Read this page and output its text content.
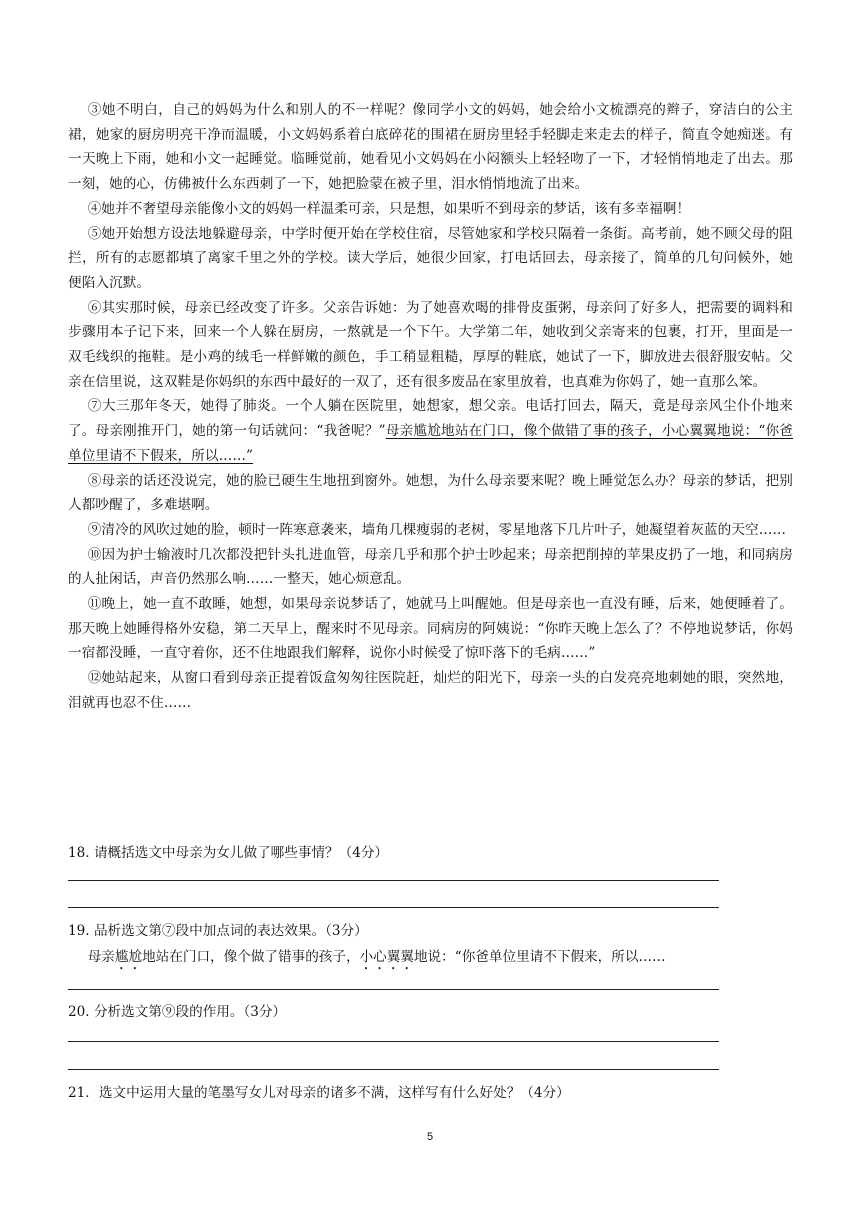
③她不明白，自己的妈妈为什么和别人的不一样呢？像同学小文的妈妈，她会给小文梳漂亮的辫子，穿洁白的公主裙，她家的厨房明亮干净而温暖，小文妈妈系着白底碎花的围裙在厨房里轻手轻脚走来走去的样子，简直令她痴迷。有一天晚上下雨，她和小文一起睡觉。临睡觉前，她看见小文妈妈在小闷额头上轻轻吻了一下，才轻悄悄地走了出去。那一刻，她的心，仿佛被什么东西刺了一下，她把脸蒙在被子里，泪水悄悄地流了出来。

④她并不奢望母亲能像小文的妈妈一样温柔可亲，只是想，如果听不到母亲的梦话，该有多幸福啊！

⑤她开始想方设法地躲避母亲，中学时便开始在学校住宿，尽管她家和学校只隔着一条街。高考前，她不顾父母的阻拦，所有的志愿都填了离家千里之外的学校。读大学后，她很少回家，打电话回去，母亲接了，简单的几句问候外，她便陷入沉默。

⑥其实那时候，母亲已经改变了许多。父亲告诉她：为了她喜欢喝的排骨皮蛋粥，母亲问了好多人，把需要的调料和步骤用本子记下来，回来一个人躲在厨房，一熬就是一个下午。大学第二年，她收到父亲寄来的包裹，打开，里面是一双毛线织的拖鞋。是小鸡的绒毛一样鲜嫩的颜色，手工稍显粗糙，厚厚的鞋底，她试了一下，脚放进去很舒服安帖。父亲在信里说，这双鞋是你妈织的东西中最好的一双了，还有很多废品在家里放着，也真难为你妈了，她一直那么笨。

⑦大三那年冬天，她得了肺炎。一个人躺在医院里，她想家，想父亲。电话打回去，隔天，竟是母亲风尘仆仆地来了。母亲刚推开门，她的第一句话就问：“我爸呢？”母亲尴尬地站在门口，像个做错了事的孩子，小心翼翼地说：“你爸单位里请不下假来，所以……”

⑧母亲的话还没说完，她的脸已硬生生地扭到窗外。她想，为什么母亲要来呢？晚上睡觉怎么办？母亲的梦话，把别人都吵醒了，多难堪啊。

⑨清冷的风吹过她的脸，顿时一阵寒意袭来，墙角几棵瘦弱的老树，零星地落下几片叶子，她凝望着灰蓝的天空……

⑩因为护士输液时几次都没把针头扎进血管，母亲几乎和那个护士吵起来；母亲把削掉的苹果皮扔了一地，和同病房的人扯闲话，声音仍然那么响……一整天，她心烦意乱。

⑪晚上，她一直不敢睡，她想，如果母亲说梦话了，她就马上叫醒她。但是母亲也一直没有睡，后来，她便睡着了。那天晚上她睡得格外安稳，第二天早上，醒来时不见母亲。同病房的阿姨说：“你昨天晚上怎么了？不停地说梦话，你妈一宿都没睡，一直守着你，还不住地跟我们解释，说你小时候受了惊吓落下的毛病……”

⑫她站起来，从窗口看到母亲正提着饭盒匆匆往医院赶，灿烂的阳光下，母亲一头的白发亮亮地刺她的眼，突然地，泪就再也忍不住……

18. 请概括选文中母亲为女儿做了哪些事情？（4分）

19. 品析选文第⑦段中加点词的表达效果。（3分）

母亲尴尬地站在门口，像个做了错事的孩子，小心翼翼地说：“你爸单位里请不下假来，所以……

20. 分析选文第⑨段的作用。（3分）

21．选文中运用大量的笔墨写女儿对母亲的诸多不满，这样写有什么好处？（4分）

5
